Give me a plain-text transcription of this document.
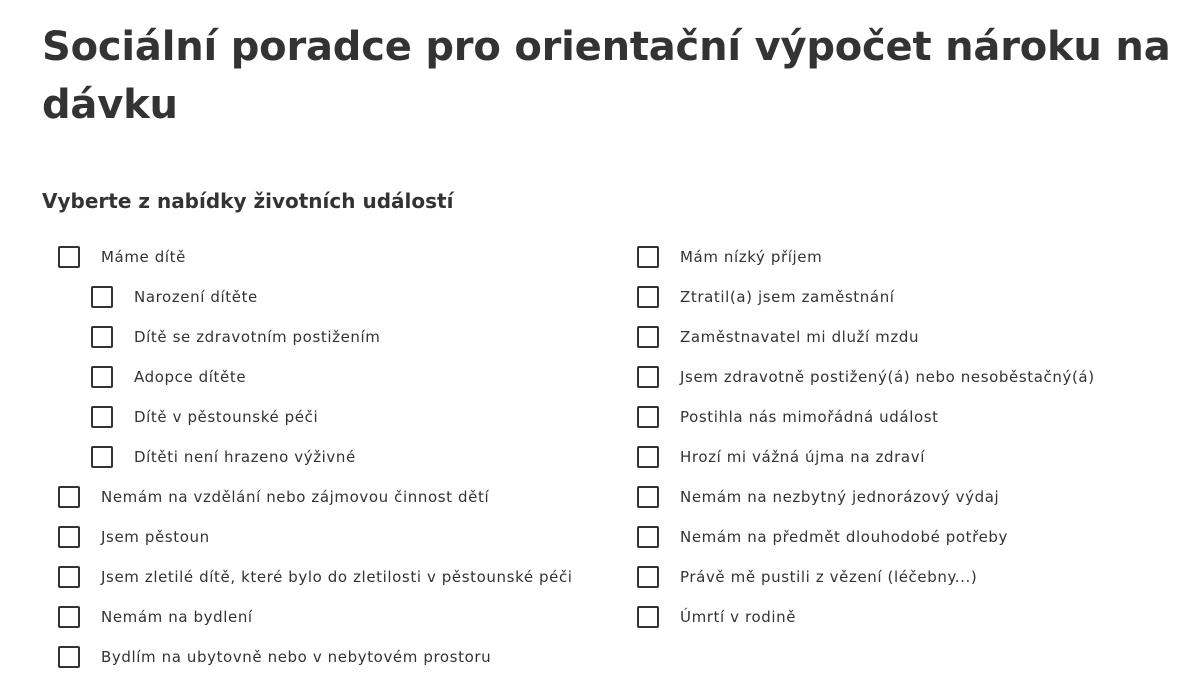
Sociální poradce pro orientační výpočet nároku na dávku
Vyberte z nabídky životních událostí
Máme dítě
Narození dítěte
Dítě se zdravotním postižením
Adopce dítěte
Dítě v pěstounské péči
Dítěti není hrazeno výživné
Nemám na vzdělání nebo zájmovou činnost dětí
Jsem pěstoun
Jsem zletilé dítě, které bylo do zletilosti v pěstounské péči
Nemám na bydlení
Bydlím na ubytovně nebo v nebytovém prostoru
Mám nízký příjem
Ztratil(a) jsem zaměstnání
Zaměstnavatel mi dluží mzdu
Jsem zdravotně postižený(á) nebo nesoběstačný(á)
Postihla nás mimořádná událost
Hrozí mi vážná újma na zdraví
Nemám na nezbytný jednorázový výdaj
Nemám na předmět dlouhodobé potřeby
Právě mě pustili z vězení (léčebny...)
Úmrtí v rodině
